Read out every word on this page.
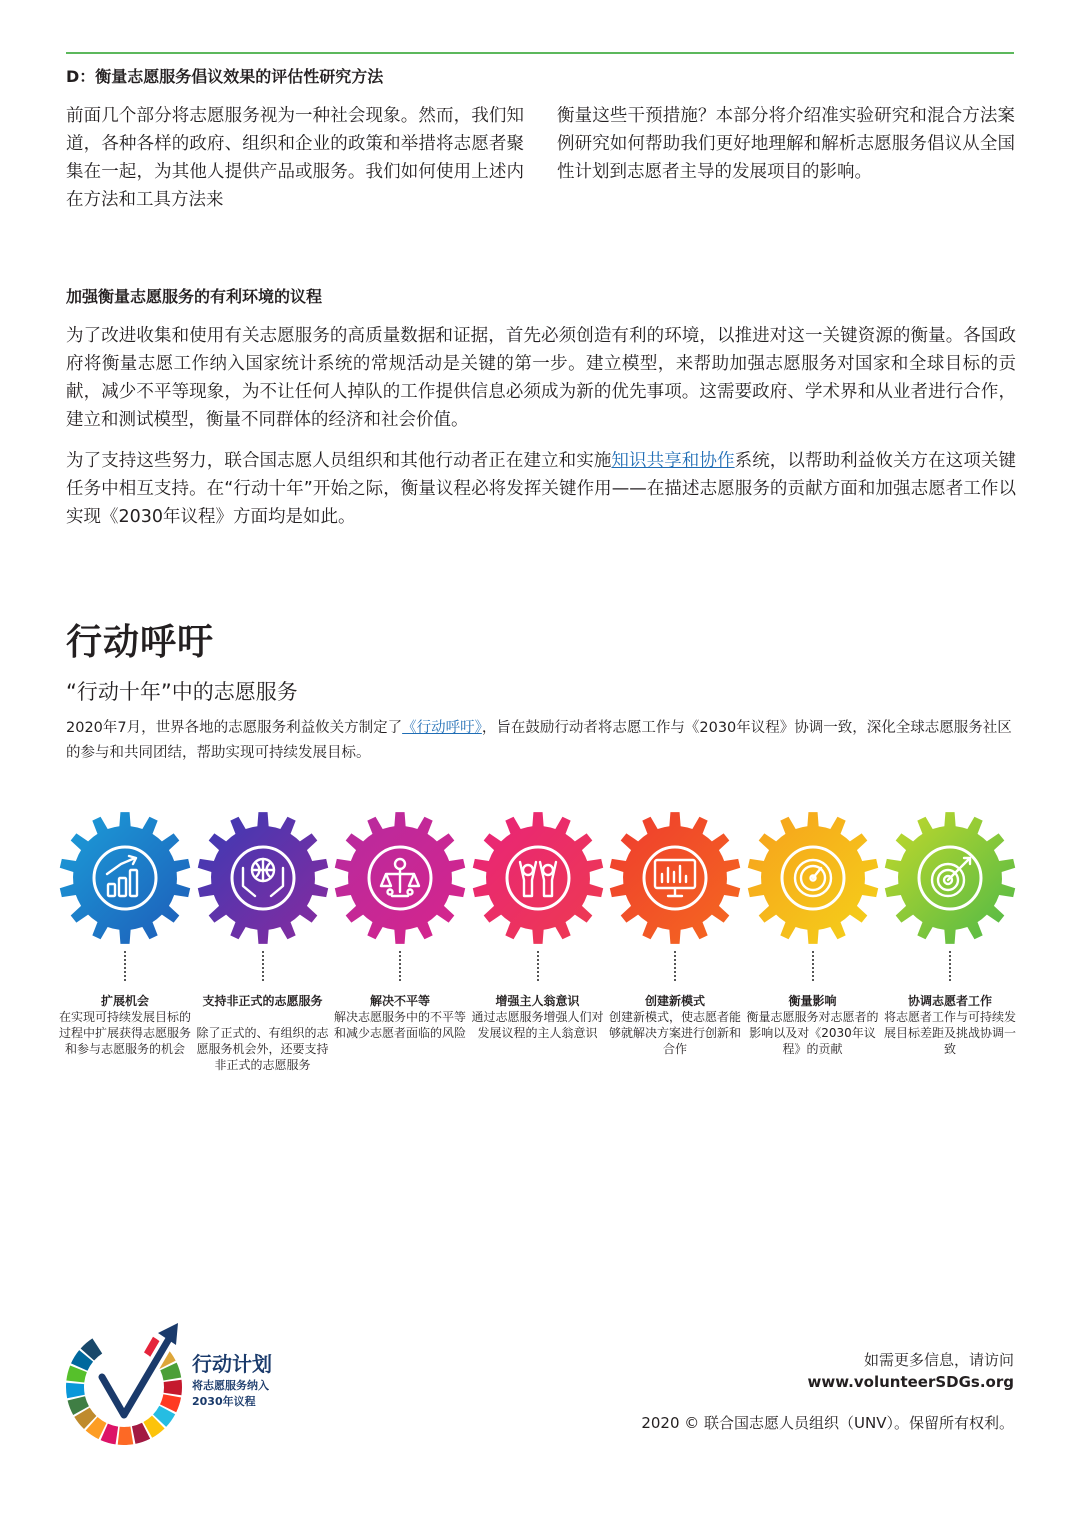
D：衡量志愿服务倡议效果的评估性研究方法
前面几个部分将志愿服务视为一种社会现象。然而，我们知道，各种各样的政府、组织和企业的政策和举措将志愿者聚集在一起，为其他人提供产品或服务。我们如何使用上述内在方法和工具方法来
衡量这些干预措施？本部分将介绍准实验研究和混合方法案例研究如何帮助我们更好地理解和解析志愿服务倡议从全国性计划到志愿者主导的发展项目的影响。
加强衡量志愿服务的有利环境的议程
为了改进收集和使用有关志愿服务的高质量数据和证据，首先必须创造有利的环境，以推进对这一关键资源的衡量。各国政府将衡量志愿工作纳入国家统计系统的常规活动是关键的第一步。建立模型，来帮助加强志愿服务对国家和全球目标的贡献，减少不平等现象，为不让任何人掉队的工作提供信息必须成为新的优先事项。这需要政府、学术界和从业者进行合作，建立和测试模型，衡量不同群体的经济和社会价值。
为了支持这些努力，联合国志愿人员组织和其他行动者正在建立和实施知识共享和协作系统，以帮助利益攸关方在这项关键任务中相互支持。在“行动十年”开始之际，衡量议程必将发挥关键作用——在描述志愿服务的贡献方面和加强志愿者工作以实现《2030年议程》方面均是如此。
行动呼吁
“行动十年”中的志愿服务
2020年7月，世界各地的志愿服务利益攸关方制定了《行动呼吁》，旨在鼓励行动者将志愿工作与《2030年议程》协调一致，深化全球志愿服务社区的参与和共同团结，帮助实现可持续发展目标。
扩展机会
在实现可持续发展目标的过程中扩展获得志愿服务和参与志愿服务的机会
支持非正式的志愿服务
除了正式的、有组织的志愿服务机会外，还要支持非正式的志愿服务
解决不平等
解决志愿服务中的不平等和减少志愿者面临的风险
增强主人翁意识
通过志愿服务增强人们对发展议程的主人翁意识
创建新模式
创建新模式，使志愿者能够就解决方案进行创新和合作
衡量影响
衡量志愿服务对志愿者的影响以及对《2030年议程》的贡献
协调志愿者工作
将志愿者工作与可持续发展目标差距及挑战协调一致
行动计划
将志愿服务纳入
2030年议程
如需更多信息，请访问
www.volunteerSDGs.org
2020 © 联合国志愿人员组织（UNV）。保留所有权利。
